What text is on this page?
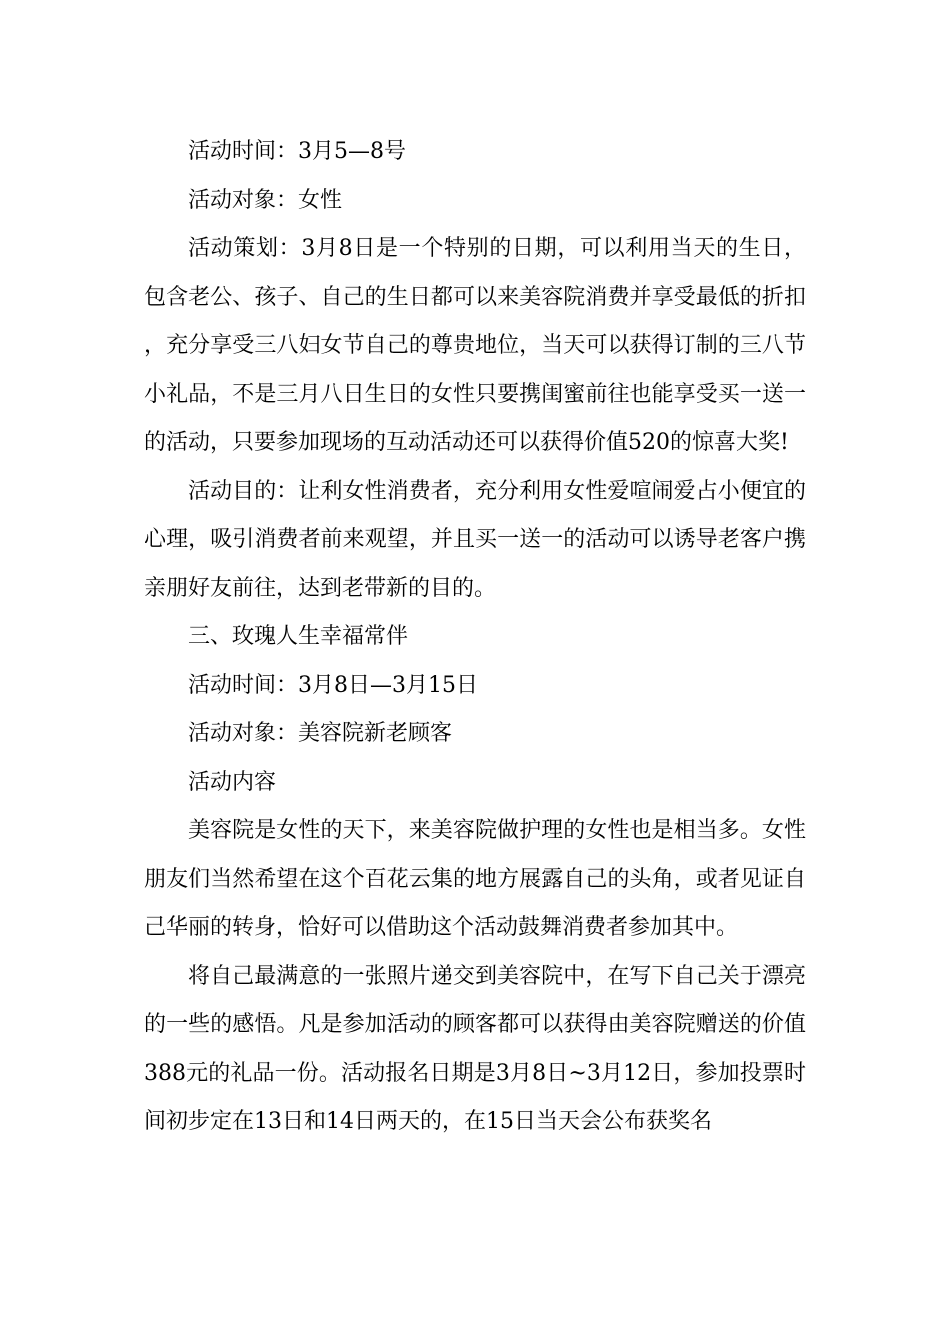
活动时间：3月5—8号

活动对象：女性

活动策划：3月8日是一个特别的日期，可以利用当天的生日，包含老公、孩子、自己的生日都可以来美容院消费并享受最低的折扣，充分享受三八妇女节自己的尊贵地位，当天可以获得订制的三八节小礼品，不是三月八日生日的女性只要携闺蜜前往也能享受买一送一的活动，只要参加现场的互动活动还可以获得价值520的惊喜大奖!

活动目的：让利女性消费者，充分利用女性爱喧闹爱占小便宜的心理，吸引消费者前来观望，并且买一送一的活动可以诱导老客户携亲朋好友前往，达到老带新的目的。

三、玫瑰人生幸福常伴

活动时间：3月8日—3月15日

活动对象：美容院新老顾客

活动内容

美容院是女性的天下，来美容院做护理的女性也是相当多。女性朋友们当然希望在这个百花云集的地方展露自己的头角，或者见证自己华丽的转身，恰好可以借助这个活动鼓舞消费者参加其中。

将自己最满意的一张照片递交到美容院中，在写下自己关于漂亮的一些的感悟。凡是参加活动的顾客都可以获得由美容院赠送的价值388元的礼品一份。活动报名日期是3月8日~3月12日，参加投票时间初步定在13日和14日两天的，在15日当天会公布获奖名
